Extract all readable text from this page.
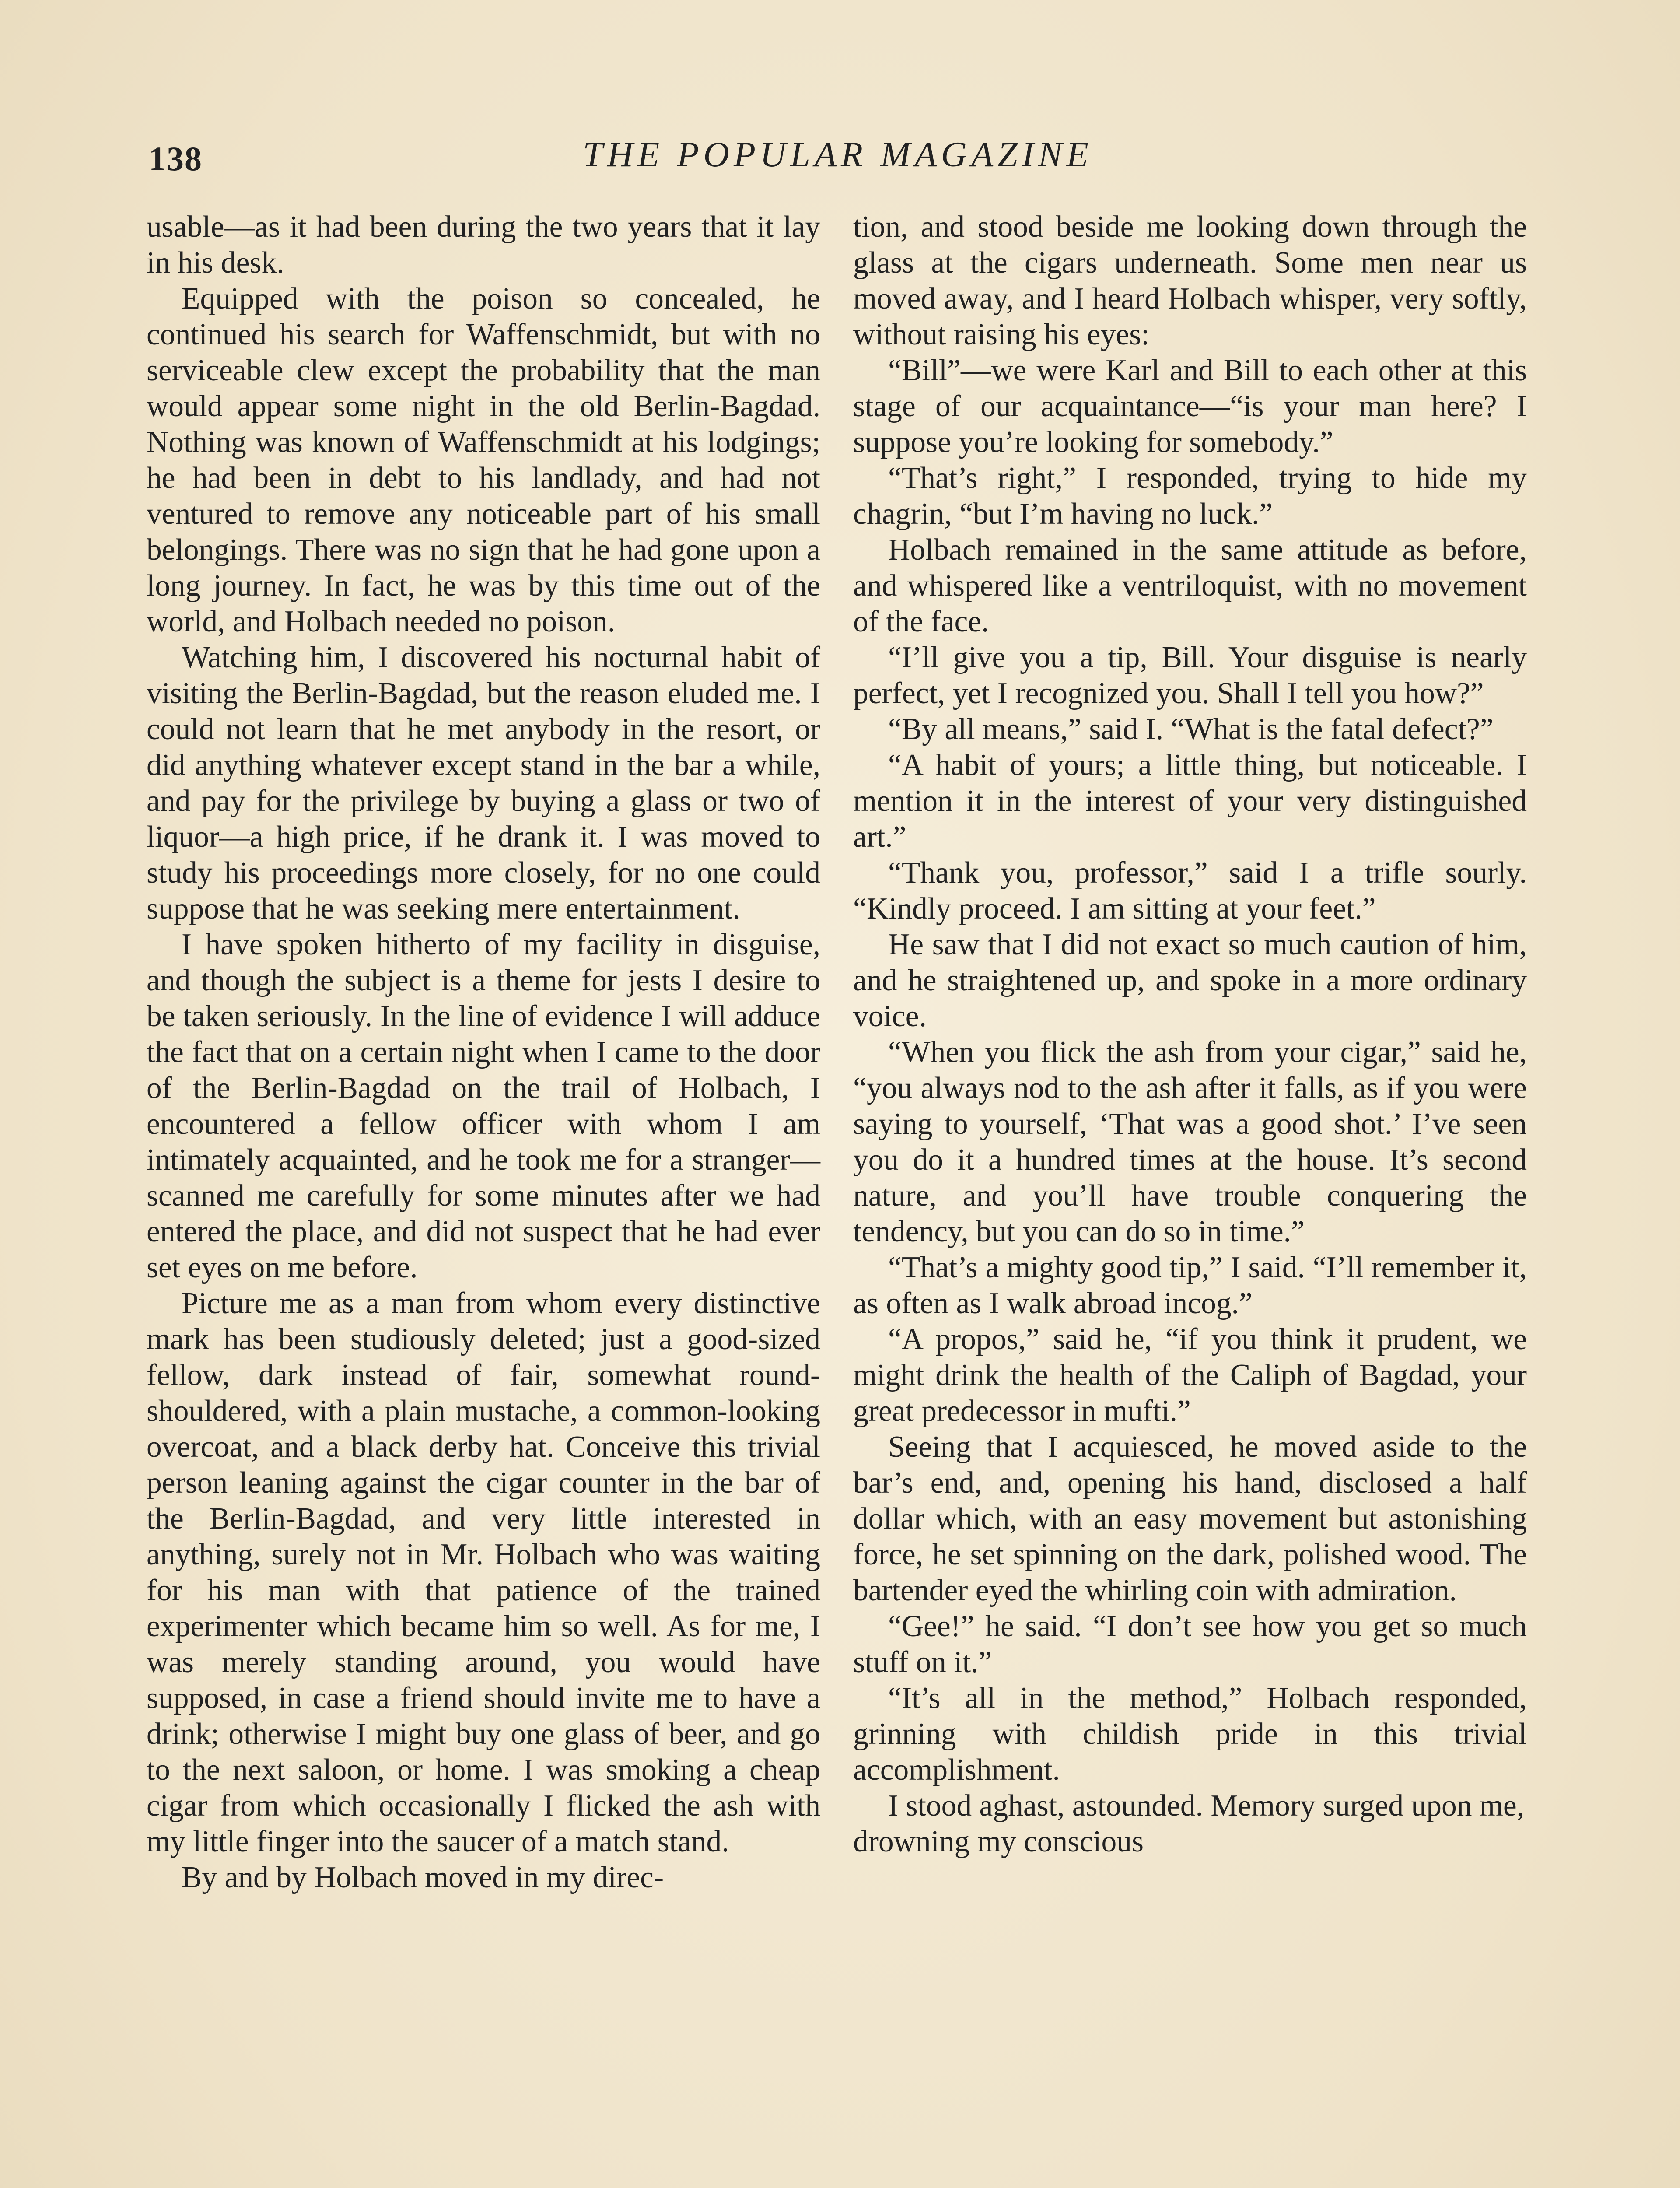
138	THE POPULAR MAGAZINE

usable—as it had been during the two years that it lay in his desk.

Equipped with the poison so concealed, he continued his search for Waffenschmidt, but with no serviceable clew except the probability that the man would appear some night in the old Berlin-Bagdad. Nothing was known of Waffenschmidt at his lodgings; he had been in debt to his landlady, and had not ventured to remove any noticeable part of his small belongings. There was no sign that he had gone upon a long journey. In fact, he was by this time out of the world, and Holbach needed no poison.

Watching him, I discovered his nocturnal habit of visiting the Berlin-Bagdad, but the reason eluded me. I could not learn that he met anybody in the resort, or did anything whatever except stand in the bar a while, and pay for the privilege by buying a glass or two of liquor—a high price, if he drank it. I was moved to study his proceedings more closely, for no one could suppose that he was seeking mere entertainment.

I have spoken hitherto of my facility in disguise, and though the subject is a theme for jests I desire to be taken seriously. In the line of evidence I will adduce the fact that on a certain night when I came to the door of the Berlin-Bagdad on the trail of Holbach, I encountered a fellow officer with whom I am intimately acquainted, and he took me for a stranger—scanned me carefully for some minutes after we had entered the place, and did not suspect that he had ever set eyes on me before.

Picture me as a man from whom every distinctive mark has been studiously deleted; just a good-sized fellow, dark instead of fair, somewhat round-shouldered, with a plain mustache, a common-looking overcoat, and a black derby hat. Conceive this trivial person leaning against the cigar counter in the bar of the Berlin-Bagdad, and very little interested in anything, surely not in Mr. Holbach who was waiting for his man with that patience of the trained experimenter which became him so well. As for me, I was merely standing around, you would have supposed, in case a friend should invite me to have a drink; otherwise I might buy one glass of beer, and go to the next saloon, or home. I was smoking a cheap cigar from which occasionally I flicked the ash with my little finger into the saucer of a match stand.

By and by Holbach moved in my direc-

tion, and stood beside me looking down through the glass at the cigars underneath. Some men near us moved away, and I heard Holbach whisper, very softly, without raising his eyes:

“Bill”—we were Karl and Bill to each other at this stage of our acquaintance—“is your man here? I suppose you’re looking for somebody.”

“That’s right,” I responded, trying to hide my chagrin, “but I’m having no luck.”

Holbach remained in the same attitude as before, and whispered like a ventriloquist, with no movement of the face.

“I’ll give you a tip, Bill. Your disguise is nearly perfect, yet I recognized you. Shall I tell you how?”

“By all means,” said I. “What is the fatal defect?”

“A habit of yours; a little thing, but noticeable. I mention it in the interest of your very distinguished art.”

“Thank you, professor,” said I a trifle sourly. “Kindly proceed. I am sitting at your feet.”

He saw that I did not exact so much caution of him, and he straightened up, and spoke in a more ordinary voice.

“When you flick the ash from your cigar,” said he, “you always nod to the ash after it falls, as if you were saying to yourself, ‘That was a good shot.’ I’ve seen you do it a hundred times at the house. It’s second nature, and you’ll have trouble conquering the tendency, but you can do so in time.”

“That’s a mighty good tip,” I said. “I’ll remember it, as often as I walk abroad incog.”

“A propos,” said he, “if you think it prudent, we might drink the health of the Caliph of Bagdad, your great predecessor in mufti.”

Seeing that I acquiesced, he moved aside to the bar’s end, and, opening his hand, disclosed a half dollar which, with an easy movement but astonishing force, he set spinning on the dark, polished wood. The bartender eyed the whirling coin with admiration.

“Gee!” he said. “I don’t see how you get so much stuff on it.”

“It’s all in the method,” Holbach responded, grinning with childish pride in this trivial accomplishment.

I stood aghast, astounded. Memory surged upon me, drowning my conscious
